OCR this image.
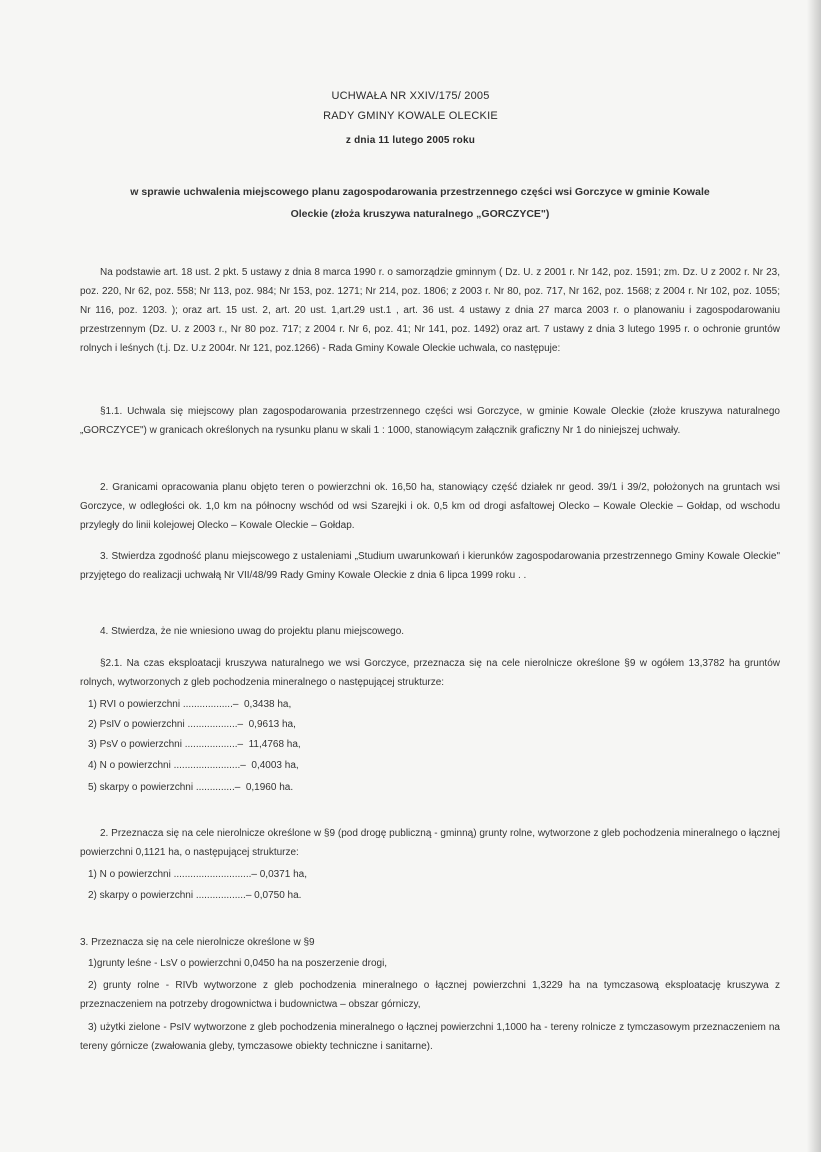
UCHWAŁA NR XXIV/175/ 2005
RADY GMINY KOWALE OLECKIE
z dnia 11 lutego 2005 roku
w sprawie uchwalenia miejscowego planu zagospodarowania przestrzennego części wsi Gorczyce w gminie Kowale
Oleckie (złoża kruszywa naturalnego „GORCZYCE")
Na podstawie art. 18 ust. 2 pkt. 5 ustawy z dnia 8 marca 1990 r. o samorządzie gminnym ( Dz. U. z 2001 r. Nr 142, poz. 1591; zm. Dz. U z 2002 r. Nr 23, poz. 220, Nr 62, poz. 558; Nr 113, poz. 984; Nr 153, poz. 1271; Nr 214, poz. 1806; z 2003 r. Nr 80, poz. 717, Nr 162, poz. 1568; z 2004 r. Nr 102, poz. 1055; Nr 116, poz. 1203. ); oraz art. 15 ust. 2, art. 20 ust. 1,art.29 ust.1 , art. 36 ust. 4 ustawy z dnia 27 marca 2003 r. o planowaniu i zagospodarowaniu przestrzennym (Dz. U. z 2003 r., Nr 80 poz. 717; z 2004 r. Nr 6, poz. 41; Nr 141, poz. 1492) oraz art. 7 ustawy z dnia 3 lutego 1995 r. o ochronie gruntów rolnych i leśnych (t.j. Dz. U.z 2004r. Nr 121, poz.1266) - Rada Gminy Kowale Oleckie uchwala, co następuje:
§1.1. Uchwala się miejscowy plan zagospodarowania przestrzennego części wsi Gorczyce, w gminie Kowale Oleckie (złoże kruszywa naturalnego „GORCZYCE") w granicach określonych na rysunku planu w skali 1 : 1000, stanowiącym załącznik graficzny Nr 1 do niniejszej uchwały.
2. Granicami opracowania planu objęto teren o powierzchni ok. 16,50 ha, stanowiący część działek nr geod. 39/1 i 39/2, położonych na gruntach wsi Gorczyce, w odległości ok. 1,0 km na północny wschód od wsi Szarejki i ok. 0,5 km od drogi asfaltowej Olecko – Kowale Oleckie – Gołdap, od wschodu przyległy do linii kolejowej Olecko – Kowale Oleckie – Gołdap.
3. Stwierdza zgodność planu miejscowego z ustaleniami „Studium uwarunkowań i kierunków zagospodarowania przestrzennego Gminy Kowale Oleckie" przyjętego do realizacji uchwałą Nr VII/48/99 Rady Gminy Kowale Oleckie z dnia 6 lipca 1999 roku . .
4. Stwierdza, że nie wniesiono uwag do projektu planu miejscowego.
§2.1. Na czas eksploatacji kruszywa naturalnego we wsi Gorczyce, przeznacza się na cele nierolnicze określone §9 w ogółem 13,3782 ha gruntów rolnych, wytworzonych z gleb pochodzenia mineralnego o następującej strukturze:
1) RVI o powierzchni ..................–  0,3438 ha,
2) PsIV o powierzchni ..................–  0,9613 ha,
3) PsV o powierzchni ...................–  11,4768 ha,
4) N o powierzchni ........................–  0,4003 ha,
5) skarpy o powierzchni ..............–  0,1960 ha.
2. Przeznacza się na cele nierolnicze określone w §9 (pod drogę publiczną - gminną) grunty rolne, wytworzone z gleb pochodzenia mineralnego o łącznej powierzchni 0,1121 ha, o następującej strukturze:
1) N o powierzchni ............................– 0,0371 ha,
2) skarpy o powierzchni ..................– 0,0750 ha.
3. Przeznacza się na cele nierolnicze określone w §9
1)grunty leśne - LsV o powierzchni 0,0450 ha na poszerzenie drogi,
2) grunty rolne - RIVb wytworzone z gleb pochodzenia mineralnego o łącznej powierzchni 1,3229 ha na tymczasową eksploatację kruszywa z przeznaczeniem na potrzeby drogownictwa i budownictwa – obszar górniczy,
3) użytki zielone - PsIV wytworzone z gleb pochodzenia mineralnego o łącznej powierzchni 1,1000 ha - tereny rolnicze z tymczasowym przeznaczeniem na tereny górnicze (zwałowania gleby, tymczasowe obiekty techniczne i sanitarne).
